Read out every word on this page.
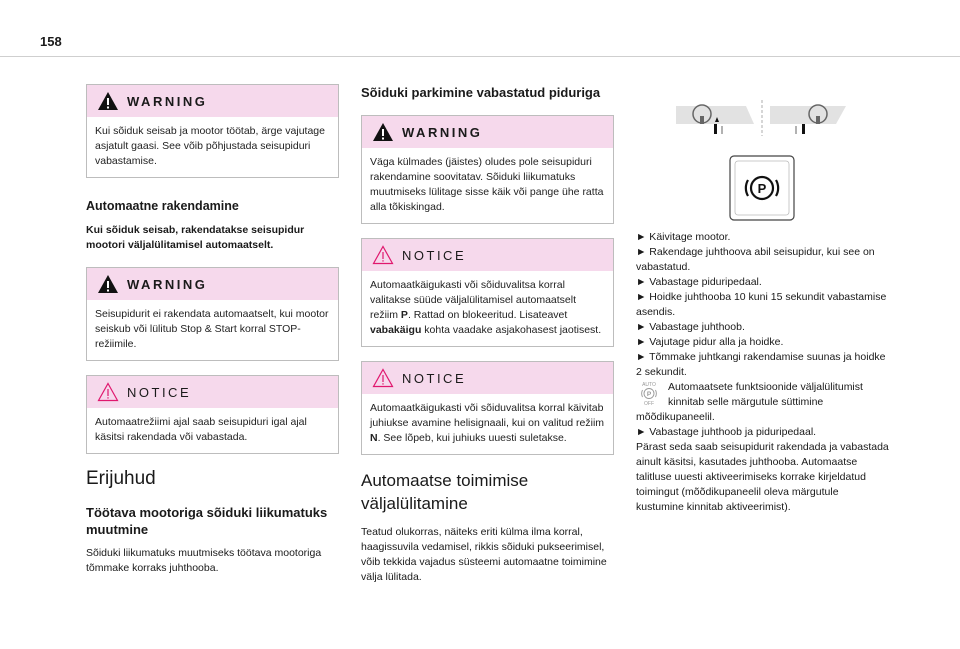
158
WARNING
Kui sõiduk seisab ja mootor töötab, ärge vajutage asjatult gaasi. See võib põhjustada seisupiduri vabastamise.
Automaatne rakendamine

Kui sõiduk seisab, rakendatakse seisupidur mootori väljalülitamisel automaatselt.

WARNING
Seisupidurit ei rakendata automaatselt, kui mootor seiskub või lülitub Stop & Start korral STOP-režiimile.
NOTICE
Automaatrežiimi ajal saab seisupiduri igal ajal käsitsi rakendada või vabastada.
Erijuhud
Töötava mootoriga sõiduki liikumatuks muutmine

Sõiduki liikumatuks muutmiseks töötava mootoriga tõmmake korraks juhthooba.

Sõiduki parkimine vabastatud piduriga
WARNING
Väga külmades (jäistes) oludes pole seisupiduri rakendamine soovitatav. Sõiduki liikumatuks muutmiseks lülitage sisse käik või pange ühe ratta alla tõkiskingad.
NOTICE
Automaatkäigukasti või sõiduvalitsa korral valitakse süüde väljalülitamisel automaatselt režiim P. Rattad on blokeeritud. Lisateavet vabakäigu kohta vaadake asjakohasest jaotisest.
NOTICE
Automaatkäigukasti või sõiduvalitsa korral käivitab juhiukse avamine helisignaali, kui on valitud režiim N. See lõpeb, kui juhiuks uuesti suletakse.
Automaatse toimimise väljalülitamine

Teatud olukorras, näiteks eriti külma ilma korral, haagissuvila vedamisel, rikkis sõiduki pukseerimisel, võib tekkida vajadus süsteemi automaatne toimimine välja lülitada.

P

► Käivitage mootor.

► Rakendage juhthoova abil seisupidur, kui see on vabastatud.

► Vabastage piduripedaal.

► Hoidke juhthooba 10 kuni 15 sekundit vabastamise asendis.

► Vabastage juhthoob.

► Vajutage pidur alla ja hoidke.

► Tõmmake juhtkangi rakendamise suunas ja hoidke 2 sekundit.

AUTO
P
OFF

Automaatsete funktsioonide väljalülitumist kinnitab selle märgutule süttimine mõõdikupaneelil.

► Vabastage juhthoob ja piduripedaal.

Pärast seda saab seisupidurit rakendada ja vabastada ainult käsitsi, kasutades juhthooba. Automaatse talitluse uuesti aktiveerimiseks korrake kirjeldatud toimingut (mõõdikupaneelil oleva märgutule kustumine kinnitab aktiveerimist).
